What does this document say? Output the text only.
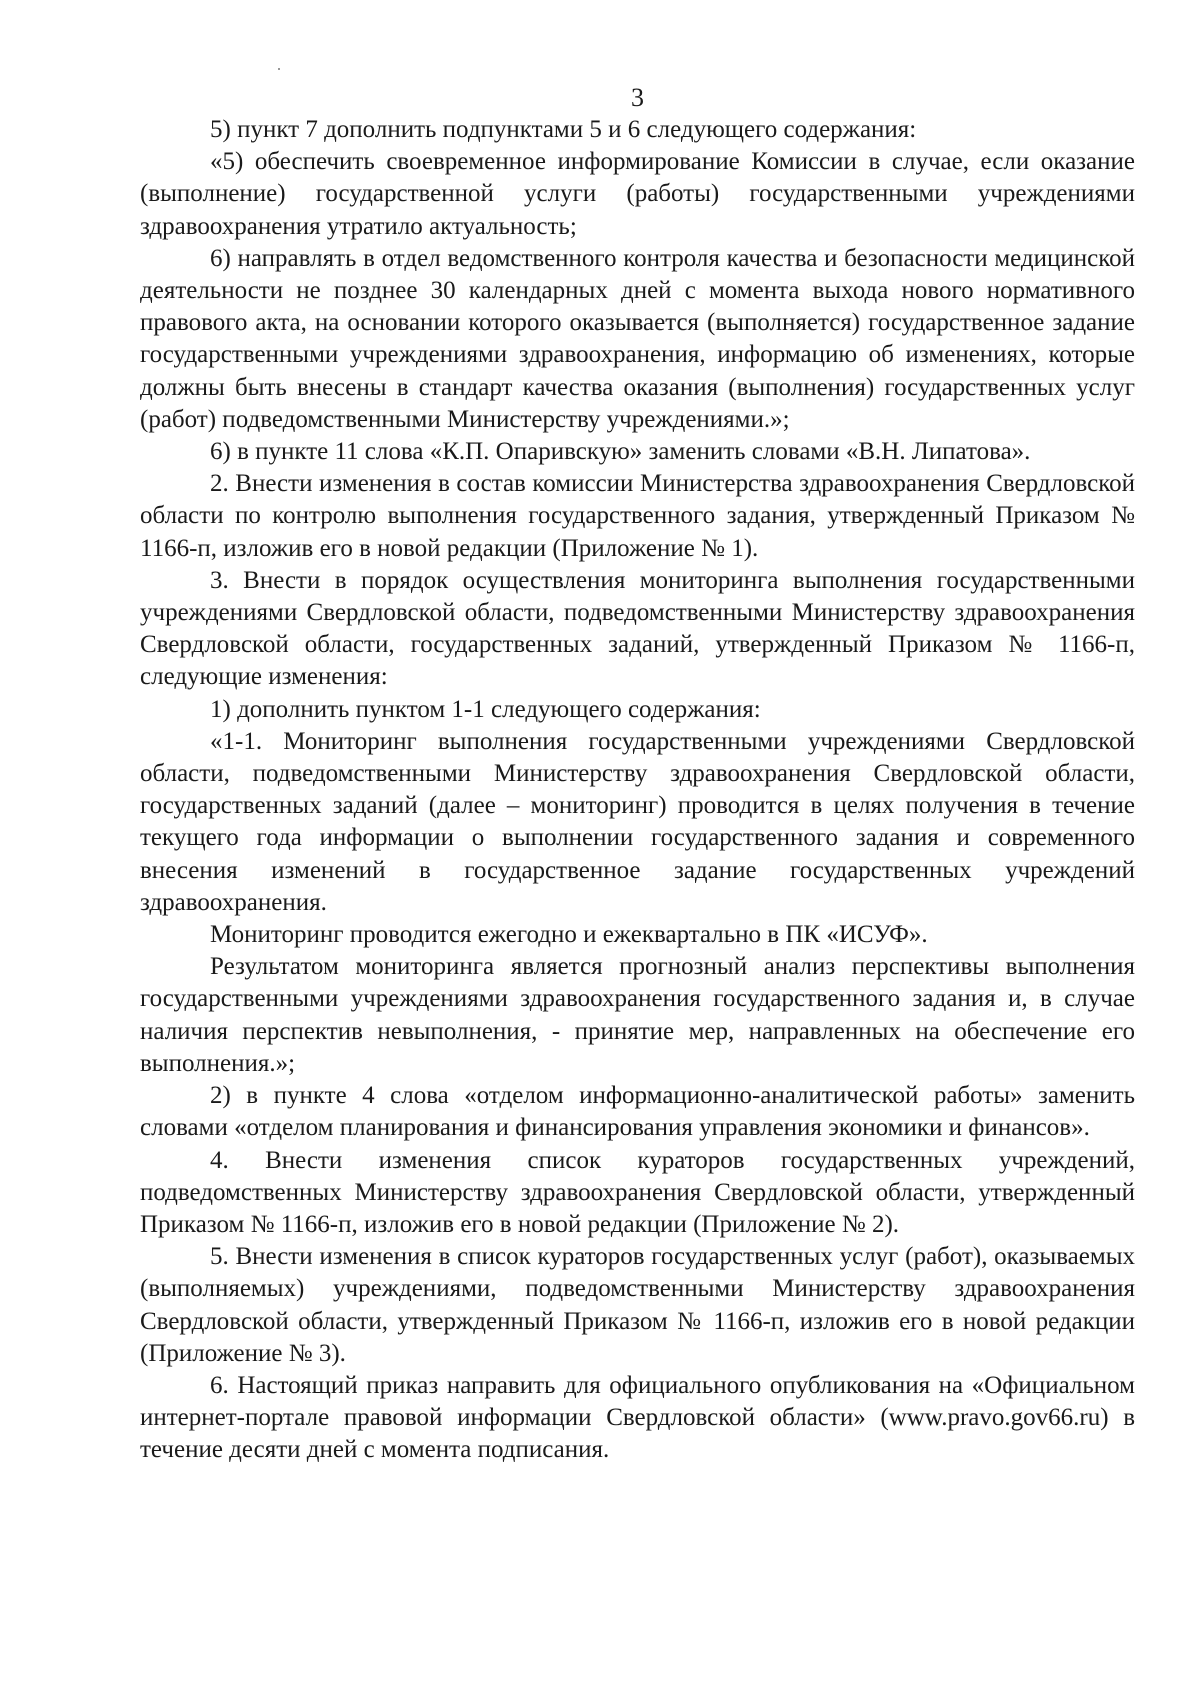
3

5) пункт 7 дополнить подпунктами 5 и 6 следующего содержания:

«5) обеспечить своевременное информирование Комиссии в случае, если оказание (выполнение) государственной услуги (работы) государственными учреждениями здравоохранения утратило актуальность;

6) направлять в отдел ведомственного контроля качества и безопасности медицинской деятельности не позднее 30 календарных дней с момента выхода нового нормативного правового акта, на основании которого оказывается (выполняется) государственное задание государственными учреждениями здравоохранения, информацию об изменениях, которые должны быть внесены в стандарт качества оказания (выполнения) государственных услуг (работ) подведомственными Министерству учреждениями.»;

6) в пункте 11 слова «К.П. Опаривскую» заменить словами «В.Н. Липатова».

2. Внести изменения в состав комиссии Министерства здравоохранения Свердловской области по контролю выполнения государственного задания, утвержденный Приказом № 1166-п, изложив его в новой редакции (Приложение № 1).

3. Внести в порядок осуществления мониторинга выполнения государственными учреждениями Свердловской области, подведомственными Министерству здравоохранения Свердловской области, государственных заданий, утвержденный Приказом № 1166-п, следующие изменения:

1) дополнить пунктом 1-1 следующего содержания:

«1-1. Мониторинг выполнения государственными учреждениями Свердловской области, подведомственными Министерству здравоохранения Свердловской области, государственных заданий (далее – мониторинг) проводится в целях получения в течение текущего года информации о выполнении государственного задания и современного внесения изменений в государственное задание государственных учреждений здравоохранения.

Мониторинг проводится ежегодно и ежеквартально в ПК «ИСУФ».

Результатом мониторинга является прогнозный анализ перспективы выполнения государственными учреждениями здравоохранения государственного задания и, в случае наличия перспектив невыполнения, - принятие мер, направленных на обеспечение его выполнения.»;

2) в пункте 4 слова «отделом информационно-аналитической работы» заменить словами «отделом планирования и финансирования управления экономики и финансов».

4. Внести изменения список кураторов государственных учреждений, подведомственных Министерству здравоохранения Свердловской области, утвержденный Приказом № 1166-п, изложив его в новой редакции (Приложение № 2).

5. Внести изменения в список кураторов государственных услуг (работ), оказываемых (выполняемых) учреждениями, подведомственными Министерству здравоохранения Свердловской области, утвержденный Приказом № 1166-п, изложив его в новой редакции (Приложение № 3).

6. Настоящий приказ направить для официального опубликования на «Официальном интернет-портале правовой информации Свердловской области» (www.pravo.gov66.ru) в течение десяти дней с момента подписания.
